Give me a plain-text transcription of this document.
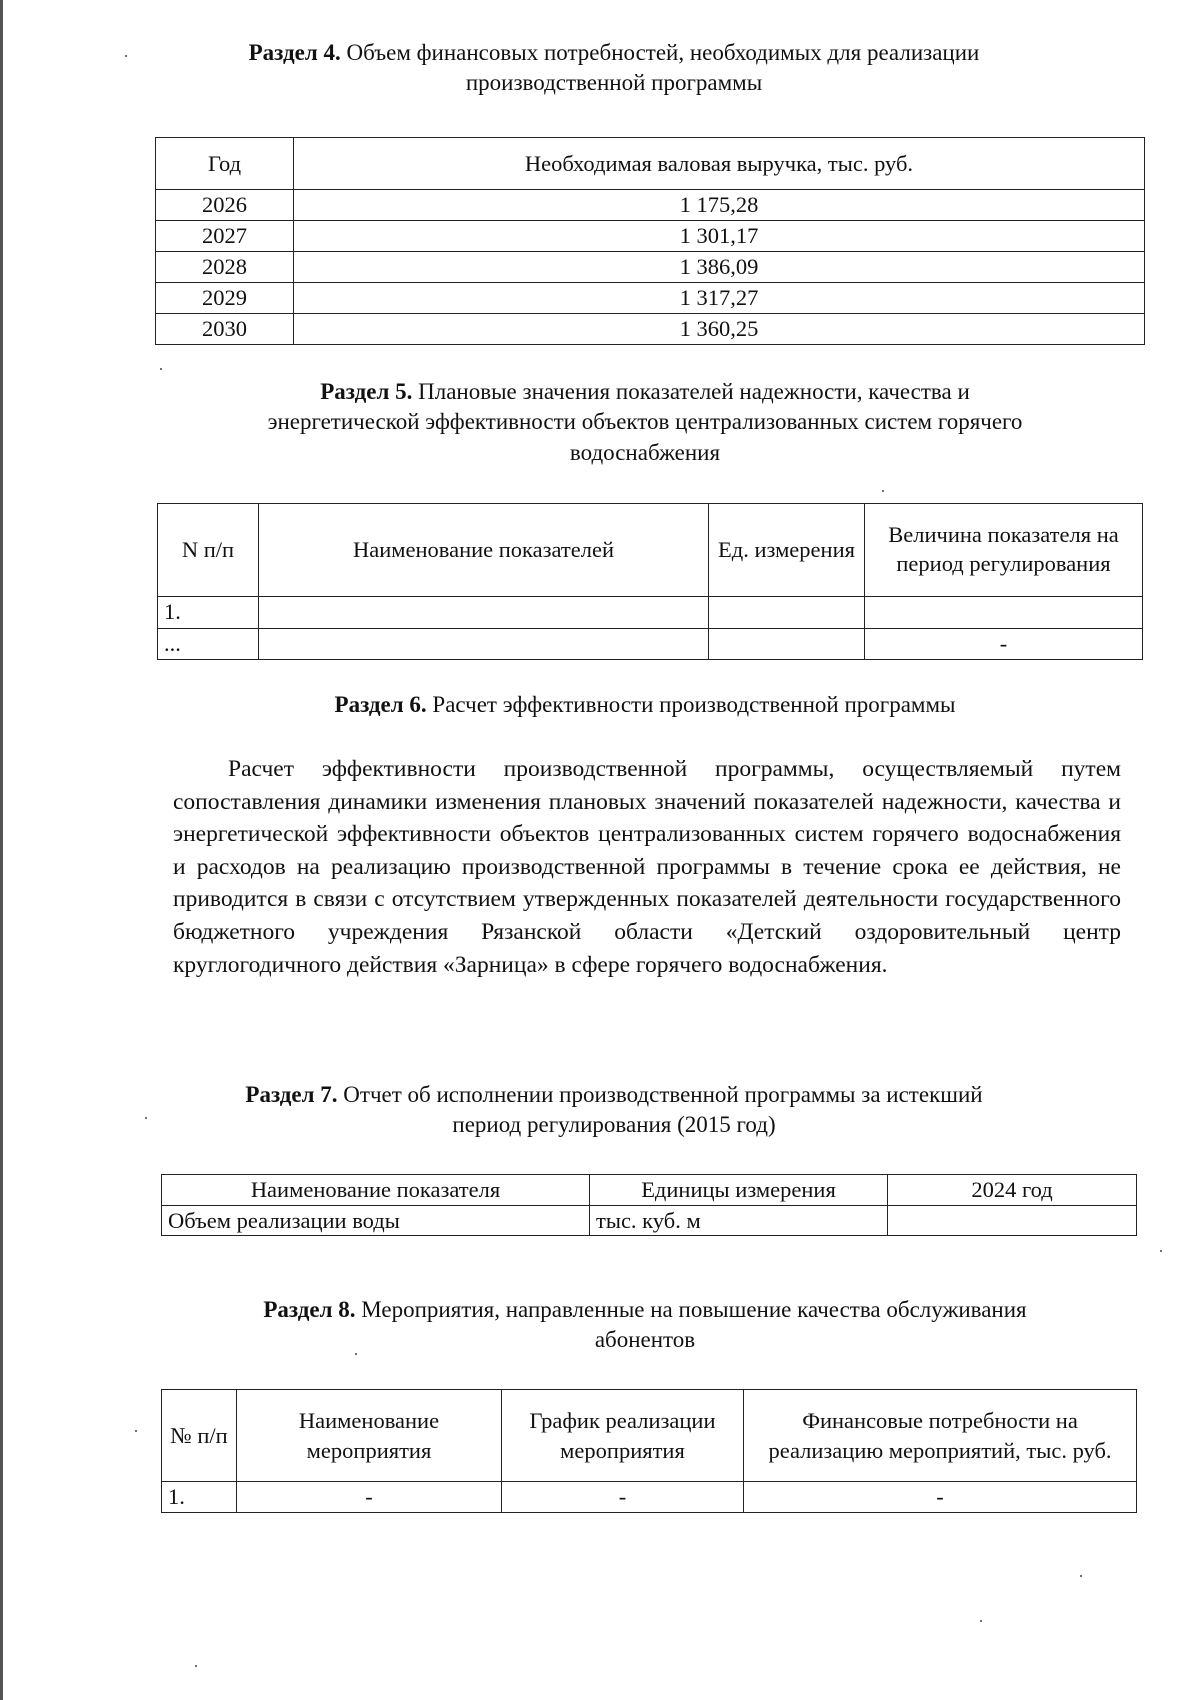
Раздел 4. Объем финансовых потребностей, необходимых для реализации
производственной программы
Год	Необходимая валовая выручка, тыс. руб.
2026	1 175,28
2027	1 301,17
2028	1 386,09
2029	1 317,27
2030	1 360,25
Раздел 5. Плановые значения показателей надежности, качества и
энергетической эффективности объектов централизованных систем горячего
водоснабжения
N п/п	Наименование показателей	Ед. измерения	Величина показателя на период регулирования
1.			
...			-
Раздел 6. Расчет эффективности производственной программы
Расчет эффективности производственной программы, осуществляемый путем сопоставления динамики изменения плановых значений показателей надежности, качества и энергетической эффективности объектов централизованных систем горячего водоснабжения и расходов на реализацию производственной программы в течение срока ее действия, не приводится в связи с отсутствием утвержденных показателей деятельности государственного бюджетного учреждения Рязанской области «Детский оздоровительный центр круглогодичного действия «Зарница» в сфере горячего водоснабжения.
Раздел 7. Отчет об исполнении производственной программы за истекший
период регулирования (2015 год)
Наименование показателя	Единицы измерения	2024 год
Объем реализации воды	тыс. куб. м	
Раздел 8. Мероприятия, направленные на повышение качества обслуживания
абонентов
№ п/п	Наименование мероприятия	График реализации мероприятия	Финансовые потребности на реализацию мероприятий, тыс. руб.
1.	-	-	-
